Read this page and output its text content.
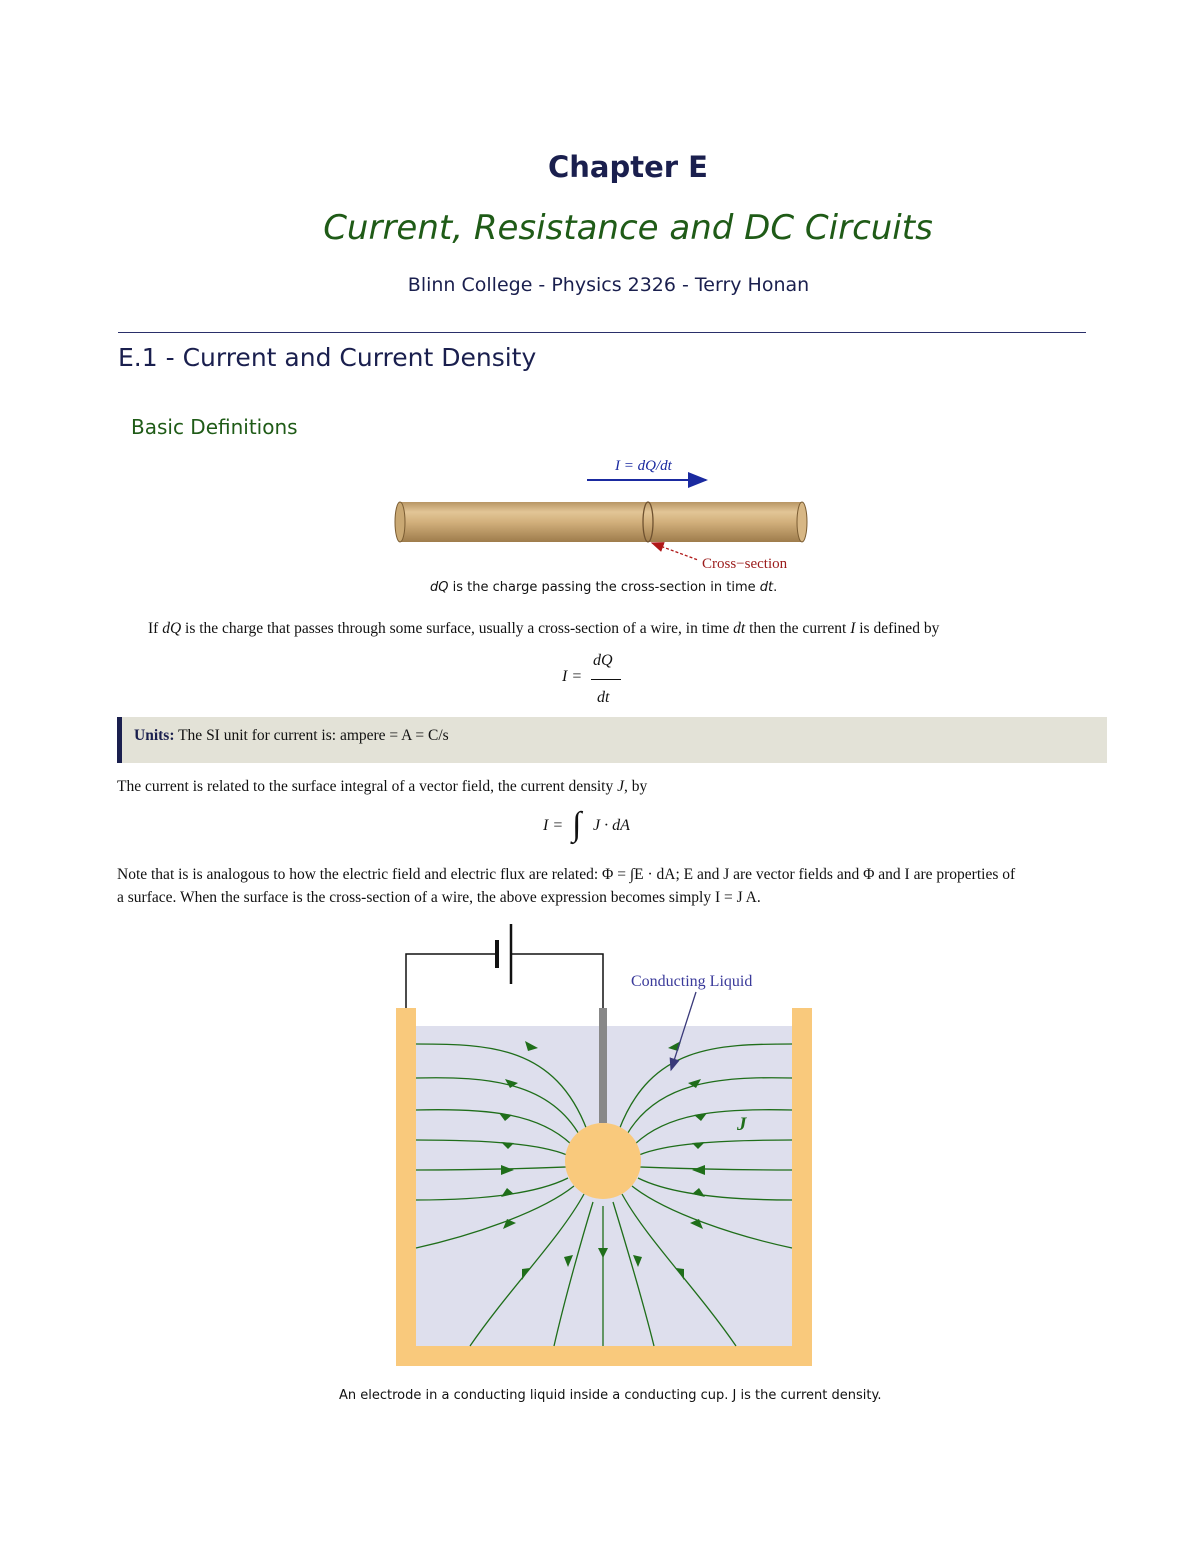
Chapter E
Current, Resistance and DC Circuits
Blinn College - Physics 2326 - Terry Honan
E.1 - Current and Current Density
Basic Definitions
I = dQ/dt
Cross−section
dQ is the charge passing the cross-section in time dt.
If dQ is the charge that passes through some surface, usually a cross-section of a wire, in time dt then the current I is defined by
I =
dQ
dt
Units: The SI unit for current is: ampere = A = C/s
The current is related to the surface integral of a vector field, the current density J, by
I = ∫ J · dA
Note that is is analogous to how the electric field and electric flux are related: Φ = ∫E · dA; E and J are vector fields and Φ and I are properties of
a surface. When the surface is the cross-section of a wire, the above expression becomes simply I = J A.
Conducting Liquid
J
An electrode in a conducting liquid inside a conducting cup. J is the current density.
